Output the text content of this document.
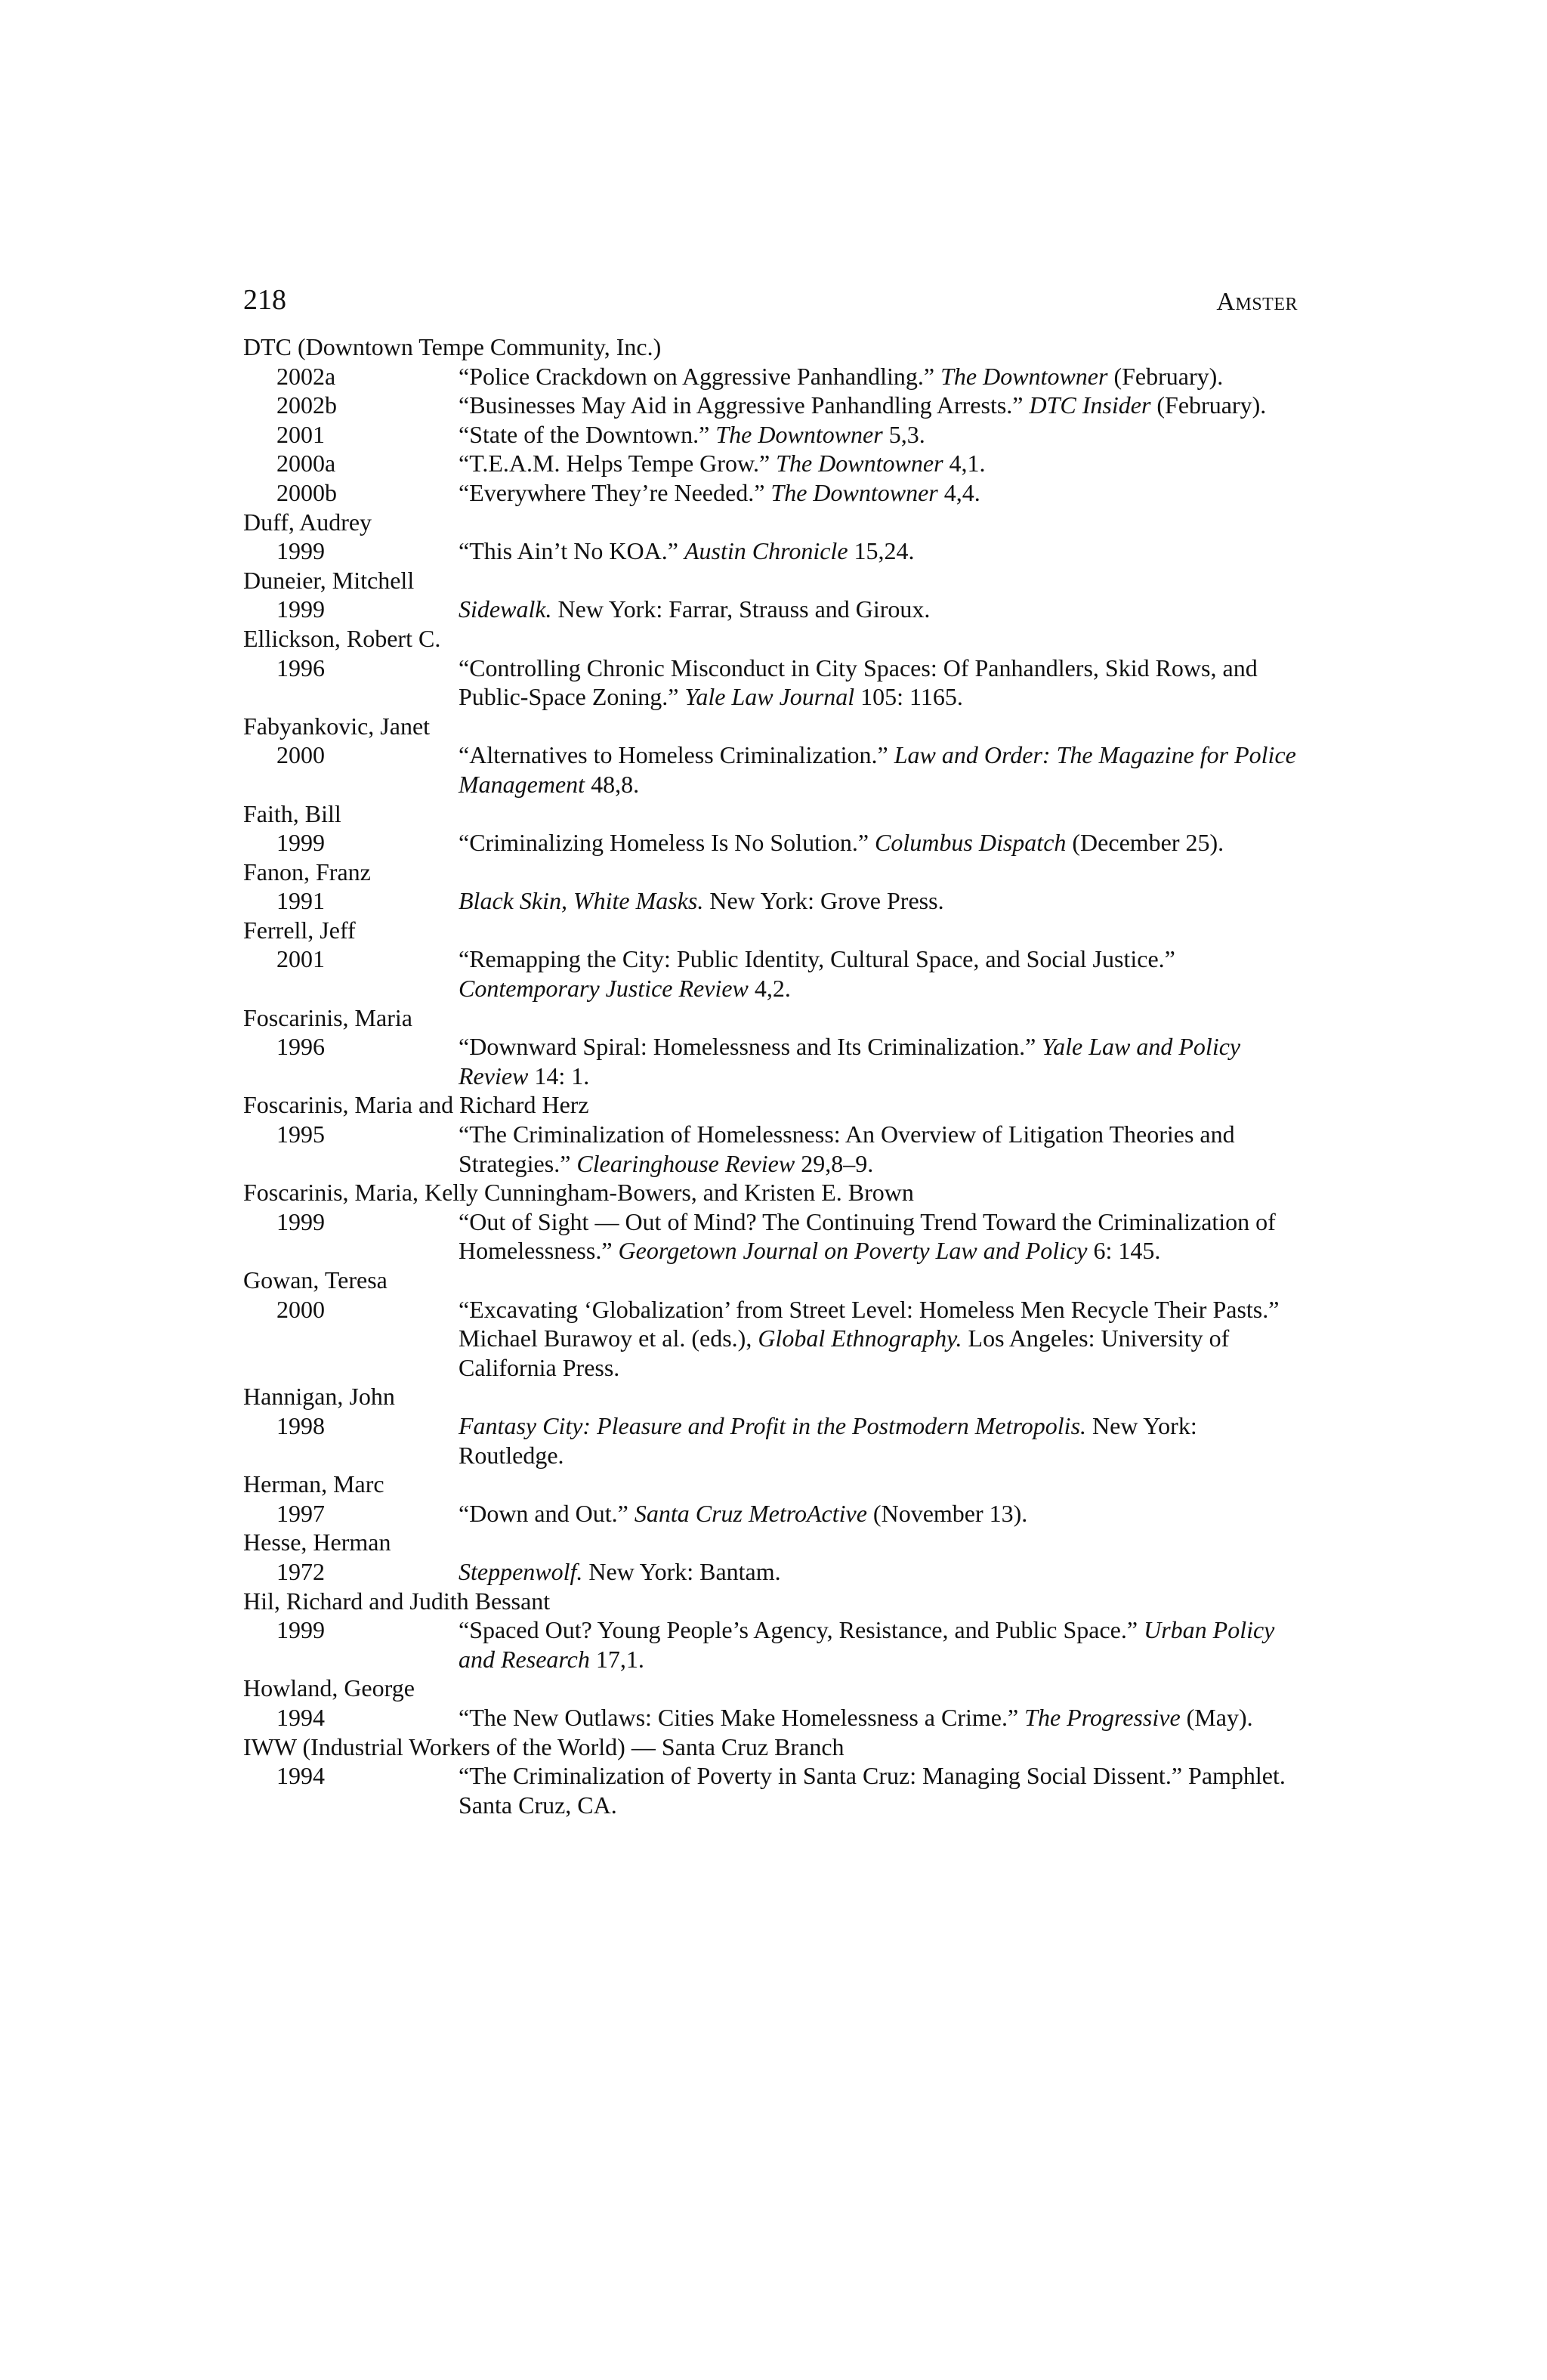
218	Amster
DTC (Downtown Tempe Community, Inc.)
2002a	“Police Crackdown on Aggressive Panhandling.” The Downtowner (February).
2002b	“Businesses May Aid in Aggressive Panhandling Arrests.” DTC Insider (February).
2001	“State of the Downtown.” The Downtowner 5,3.
2000a	“T.E.A.M. Helps Tempe Grow.” The Downtowner 4,1.
2000b	“Everywhere They’re Needed.” The Downtowner 4,4.
Duff, Audrey
1999	“This Ain’t No KOA.” Austin Chronicle 15,24.
Duneier, Mitchell
1999	Sidewalk. New York: Farrar, Strauss and Giroux.
Ellickson, Robert C.
1996	“Controlling Chronic Misconduct in City Spaces: Of Panhandlers, Skid Rows, and Public-Space Zoning.” Yale Law Journal 105: 1165.
Fabyankovic, Janet
2000	“Alternatives to Homeless Criminalization.” Law and Order: The Magazine for Police Management 48,8.
Faith, Bill
1999	“Criminalizing Homeless Is No Solution.” Columbus Dispatch (December 25).
Fanon, Franz
1991	Black Skin, White Masks. New York: Grove Press.
Ferrell, Jeff
2001	“Remapping the City: Public Identity, Cultural Space, and Social Justice.” Contemporary Justice Review 4,2.
Foscarinis, Maria
1996	“Downward Spiral: Homelessness and Its Criminalization.” Yale Law and Policy Review 14: 1.
Foscarinis, Maria and Richard Herz
1995	“The Criminalization of Homelessness: An Overview of Litigation Theories and Strategies.” Clearinghouse Review 29,8–9.
Foscarinis, Maria, Kelly Cunningham-Bowers, and Kristen E. Brown
1999	“Out of Sight — Out of Mind? The Continuing Trend Toward the Criminalization of Homelessness.” Georgetown Journal on Poverty Law and Policy 6: 145.
Gowan, Teresa
2000	“Excavating ‘Globalization’ from Street Level: Homeless Men Recycle Their Pasts.” Michael Burawoy et al. (eds.), Global Ethnography. Los Angeles: University of California Press.
Hannigan, John
1998	Fantasy City: Pleasure and Profit in the Postmodern Metropolis. New York: Routledge.
Herman, Marc
1997	“Down and Out.” Santa Cruz MetroActive (November 13).
Hesse, Herman
1972	Steppenwolf. New York: Bantam.
Hil, Richard and Judith Bessant
1999	“Spaced Out? Young People’s Agency, Resistance, and Public Space.” Urban Policy and Research 17,1.
Howland, George
1994	“The New Outlaws: Cities Make Homelessness a Crime.” The Progressive (May).
IWW (Industrial Workers of the World) — Santa Cruz Branch
1994	“The Criminalization of Poverty in Santa Cruz: Managing Social Dissent.” Pamphlet. Santa Cruz, CA.
